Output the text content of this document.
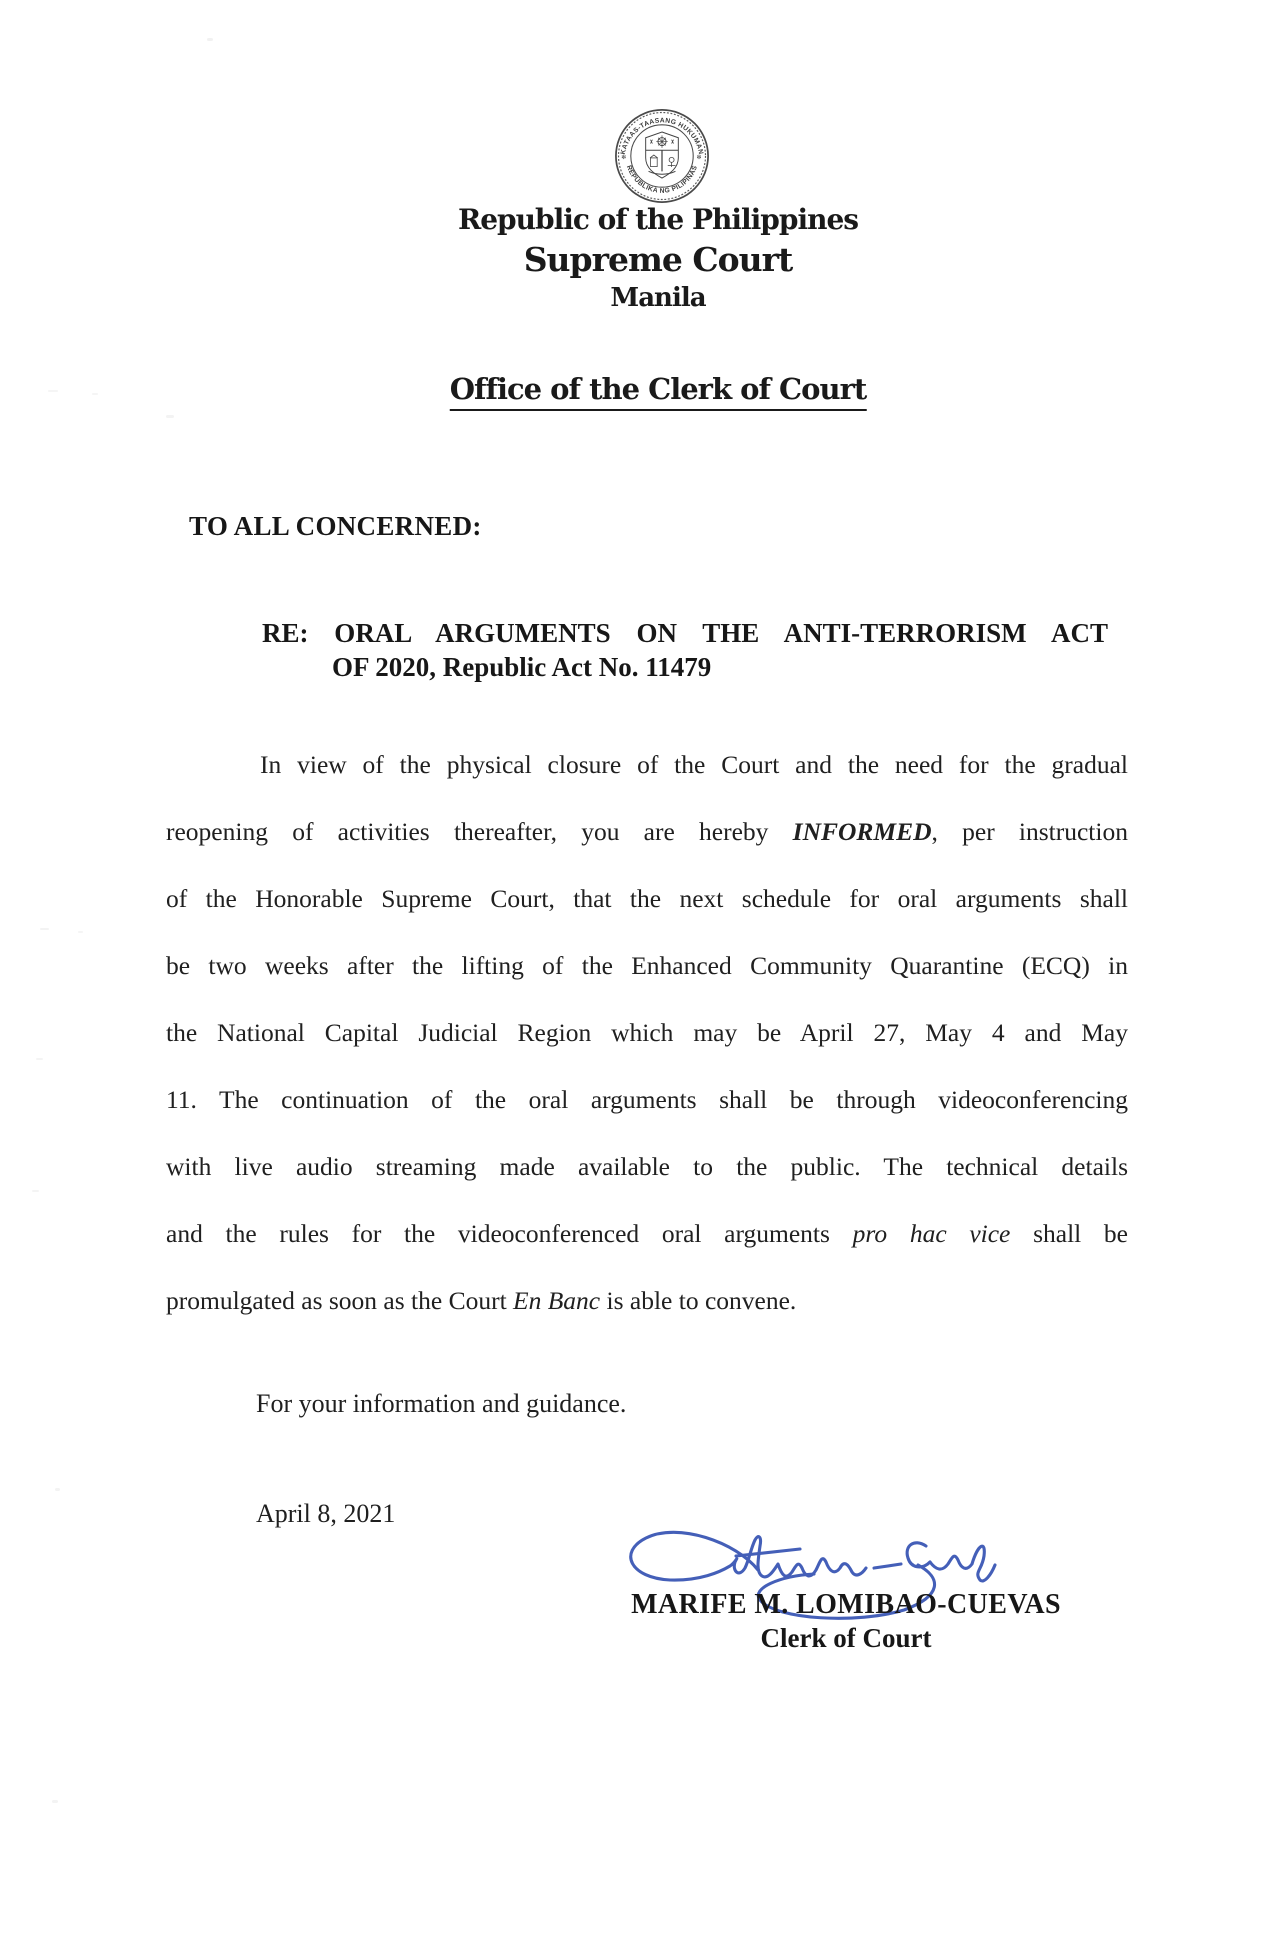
KATAAS-TAASANG HUKUMAN
REPUBLIKA NG PILIPINAS
✻	✻
Republic of the Philippines
Supreme Court
Manila
Office of the Clerk of Court
TO ALL CONCERNED:
RE: ORAL ARGUMENTS ON THE ANTI-TERRORISM ACT
OF 2020, Republic Act No. 11479
In view of the physical closure of the Court and the need for the gradual
reopening of activities thereafter, you are hereby INFORMED, per instruction
of the Honorable Supreme Court, that the next schedule for oral arguments shall
be two weeks after the lifting of the Enhanced Community Quarantine (ECQ) in
the National Capital Judicial Region which may be April 27, May 4 and May
11. The continuation of the oral arguments shall be through videoconferencing
with live audio streaming made available to the public. The technical details
and the rules for the videoconferenced oral arguments pro hac vice shall be
promulgated as soon as the Court En Banc is able to convene.
For your information and guidance.
April 8, 2021
MARIFE M. LOMIBAO-CUEVAS
Clerk of Court
